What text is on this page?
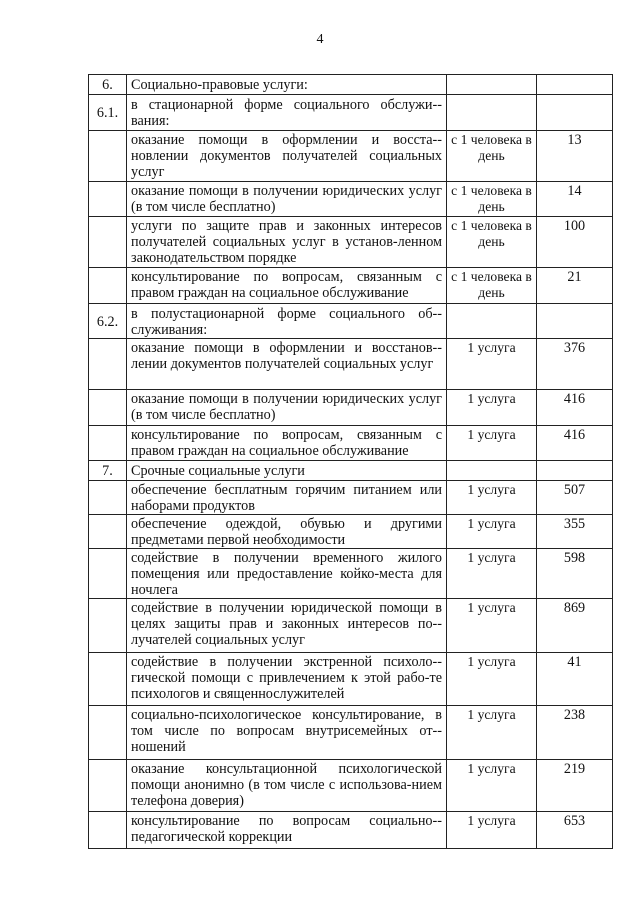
4
6.	Социально-правовые услуги:		
6.1.	в стационарной форме социального обслужи-вания:		
	оказание помощи в оформлении и восста-новлении документов получателей социальных услуг	с 1 человека в день	13
	оказание помощи в получении юридических услуг (в том числе бесплатно)	с 1 человека в день	14
	услуги по защите прав и законных интересов получателей социальных услуг в установ-ленном законодательством порядке	с 1 человека в день	100
	консультирование по вопросам, связанным с правом граждан на социальное обслуживание	с 1 человека в день	21
6.2.	в полустационарной форме социального об-служивания:		
	оказание помощи в оформлении и восстанов-лении документов получателей социальных услуг	1 услуга	376
	оказание помощи в получении юридических услуг (в том числе бесплатно)	1 услуга	416
	консультирование по вопросам, связанным с правом граждан на социальное обслуживание	1 услуга	416
7.	Срочные социальные услуги		
	обеспечение бесплатным горячим питанием или наборами продуктов	1 услуга	507
	обеспечение одеждой, обувью и другими предметами первой необходимости	1 услуга	355
	содействие в получении временного жилого помещения или предоставление койко-места для ночлега	1 услуга	598
	содействие в получении юридической помощи в целях защиты прав и законных интересов по-лучателей социальных услуг	1 услуга	869
	содействие в получении экстренной психоло-гической помощи с привлечением к этой рабо-те психологов и священнослужителей	1 услуга	41
	социально-психологическое консультирование, в том числе по вопросам внутрисемейных от-ношений	1 услуга	238
	оказание консультационной психологической помощи анонимно (в том числе с использова-нием телефона доверия)	1 услуга	219
	консультирование по вопросам социально-педагогической коррекции	1 услуга	653
